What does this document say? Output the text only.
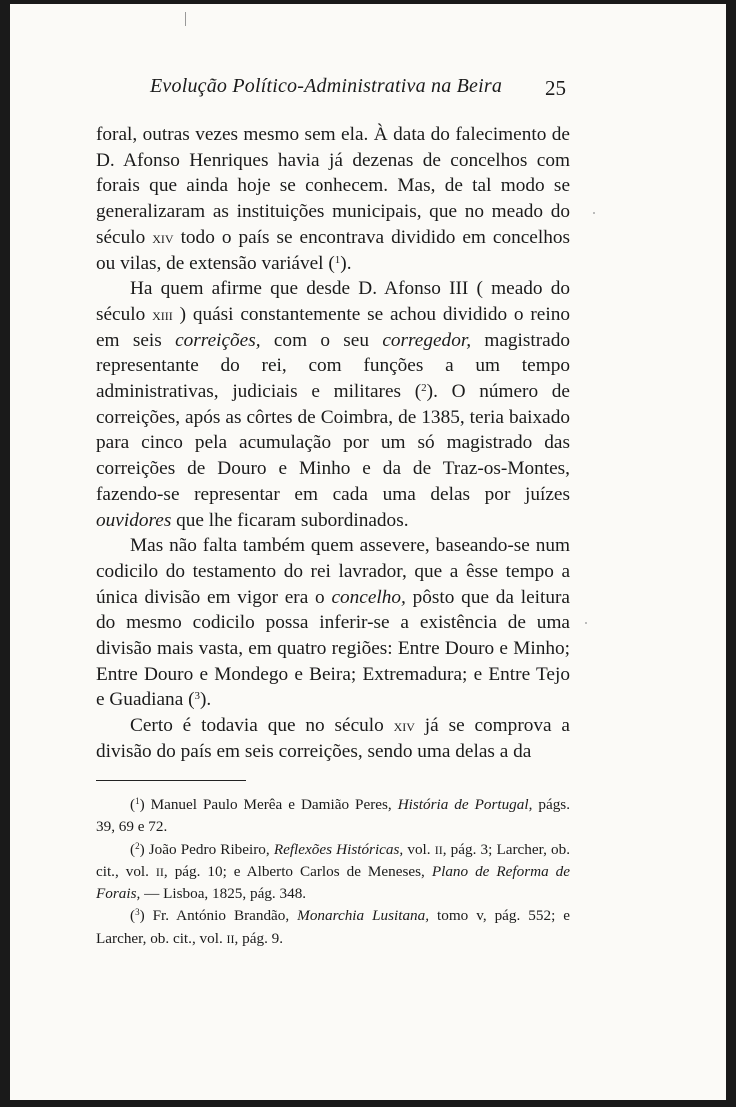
Evolução Político-Administrativa na Beira 25

foral, outras vezes mesmo sem ela. À data do falecimento de D. Afonso Henriques havia já dezenas de concelhos com forais que ainda hoje se conhecem. Mas, de tal modo se generalizaram as instituições municipais, que no meado do século xiv todo o país se encontrava dividido em concelhos ou vilas, de extensão variável ($^1$).

Ha quem afirme que desde D. Afonso III ( meado do século xiii ) quási constantemente se achou dividido o reino em seis correições, com o seu corregedor, magistrado representante do rei, com funções a um tempo administrativas, judiciais e militares ($^2$). O número de correições, após as côrtes de Coimbra, de 1385, teria baixado para cinco pela acumulação por um só magistrado das correições de Douro e Minho e da de Traz-os-Montes, fazendo-se representar em cada uma delas por juízes ouvidores que lhe ficaram subordinados.

Mas não falta também quem assevere, baseando-se num codicilo do testamento do rei lavrador, que a êsse tempo a única divisão em vigor era o concelho, pôsto que da leitura do mesmo codicilo possa inferir-se a existência de uma divisão mais vasta, em quatro regiões: Entre Douro e Minho; Entre Douro e Mondego e Beira; Extremadura; e Entre Tejo e Guadiana ($^3$).

Certo é todavia que no século xiv já se comprova a divisão do país em seis correições, sendo uma delas a da

($^1$) Manuel Paulo Merêa e Damião Peres, História de Portugal, págs. 39, 69 e 72.

($^2$) João Pedro Ribeiro, Reflexões Históricas, vol. ii, pág. 3; Larcher, ob. cit., vol. ii, pág. 10; e Alberto Carlos de Meneses, Plano de Reforma de Forais, — Lisboa, 1825, pág. 348.

($^3$) Fr. António Brandão, Monarchia Lusitana, tomo v, pág. 552; e Larcher, ob. cit., vol. ii, pág. 9.
